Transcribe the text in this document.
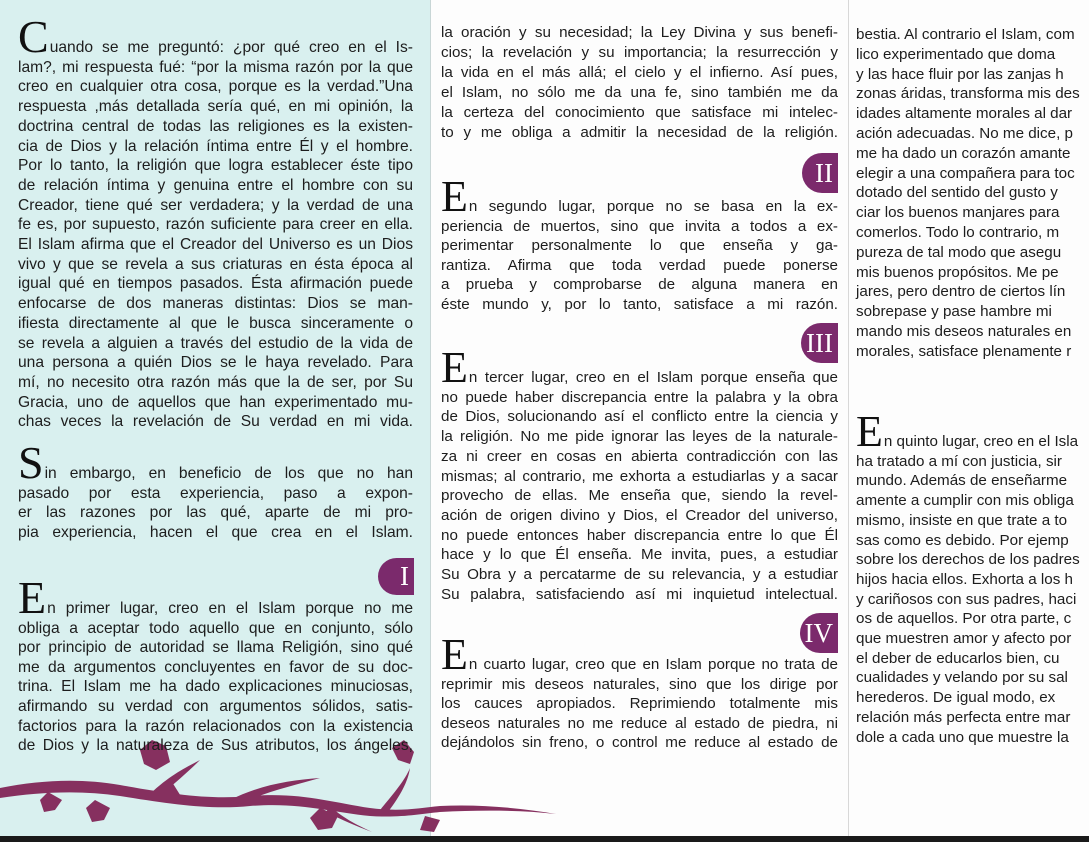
Cuando se me preguntó: ¿por qué creo en el Is-
lam?, mi respuesta fué: “por la misma razón por la que
creo en cualquier otra cosa, porque es la verdad.”Una
respuesta ,más detallada sería qué, en mi opinión, la
doctrina central de todas las religiones es la existen-
cia de Dios y la relación íntima entre Él y el hombre.
Por lo tanto, la religión que logra establecer éste tipo
de relación íntima y genuina entre el hombre con su
Creador, tiene qué ser verdadera; y la verdad de una
fe es, por supuesto, razón suficiente para creer en ella.
El Islam afirma que el Creador del Universo es un Dios
vivo y que se revela a sus criaturas en ésta época al
igual qué en tiempos pasados. Ésta afirmación puede
enfocarse de dos maneras distintas: Dios se man-
ifiesta directamente al que le busca sinceramente o
se revela a alguien a través del estudio de la vida de
una persona a quién Dios se le haya revelado. Para
mí, no necesito otra razón más que la de ser, por Su
Gracia, uno de aquellos que han experimentado mu-
chas veces la revelación de Su verdad en mi vida.
Sin embargo, en beneficio de los que no han
pasado por esta experiencia, paso a expon-
er las razones por las qué, aparte de mi pro-
pia experiencia, hacen el que crea en el Islam.
En primer lugar, creo en el Islam porque no me
obliga a aceptar todo aquello que en conjunto, sólo
por principio de autoridad se llama Religión, sino qué
me da argumentos concluyentes en favor de su doc-
trina. El Islam me ha dado explicaciones minuciosas,
afirmando su verdad con argumentos sólidos, satis-
factorios para la razón relacionados con la existencia
de Dios y la naturaleza de Sus atributos, los ángeles,
I
la oración y su necesidad; la Ley Divina y sus benefi-
cios; la revelación y su importancia; la resurrección y
la vida en el más allá; el cielo y el infierno. Así pues,
el Islam, no sólo me da una fe, sino también me da
la certeza del conocimiento que satisface mi intelec-
to y me obliga a admitir la necesidad de la religión.
En segundo lugar, porque no se basa en la ex-
periencia de muertos, sino que invita a todos a ex-
perimentar personalmente lo que enseña y ga-
rantiza. Afirma que toda verdad puede ponerse
a prueba y comprobarse de alguna manera en
éste mundo y, por lo tanto, satisface a mi razón.
II
En tercer lugar, creo en el Islam porque enseña que
no puede haber discrepancia entre la palabra y la obra
de Dios, solucionando así el conflicto entre la ciencia y
la religión. No me pide ignorar las leyes de la naturale-
za ni creer en cosas en abierta contradicción con las
mismas; al contrario, me exhorta a estudiarlas y a sacar
provecho de ellas. Me enseña que, siendo la revel-
ación de origen divino y Dios, el Creador del universo,
no puede entonces haber discrepancia entre lo que Él
hace y lo que Él enseña. Me invita, pues, a estudiar
Su Obra y a percatarme de su relevancia, y a estudiar
Su palabra, satisfaciendo así mi inquietud intelectual.
III
En cuarto lugar, creo que en Islam porque no trata de
reprimir mis deseos naturales, sino que los dirige por
los cauces apropiados. Reprimiendo totalmente mis
deseos naturales no me reduce al estado de piedra, ni
dejándolos sin freno, o control me reduce al estado de
IV
bestia. Al contrario el Islam, com
lico experimentado que doma
y las hace fluir por las zanjas h
zonas áridas, transforma mis des
idades altamente morales al dar
ación adecuadas. No me dice, p
me ha dado un corazón amante
elegir a una compañera para toc
dotado del sentido del gusto y
ciar los buenos manjares para
comerlos. Todo lo contrario, m
pureza de tal modo que asegu
mis buenos propósitos. Me pe
jares, pero dentro de ciertos lín
sobrepase y pase hambre mi
mando mis deseos naturales en
morales, satisface plenamente r
En quinto lugar, creo en el Isla
ha tratado a mí con justicia, sir
mundo. Además de enseñarme
amente a cumplir con mis obliga
mismo, insiste en que trate a to
sas como es debido. Por ejemp
sobre los derechos de los padres
hijos hacia ellos. Exhorta a los h
y cariñosos con sus padres, haci
os de aquellos. Por otra parte, c
que muestren amor y afecto por
el deber de educarlos bien, cu
cualidades y velando por su sal
herederos. De igual modo, ex
relación más perfecta entre mar
dole a cada uno que muestre la
